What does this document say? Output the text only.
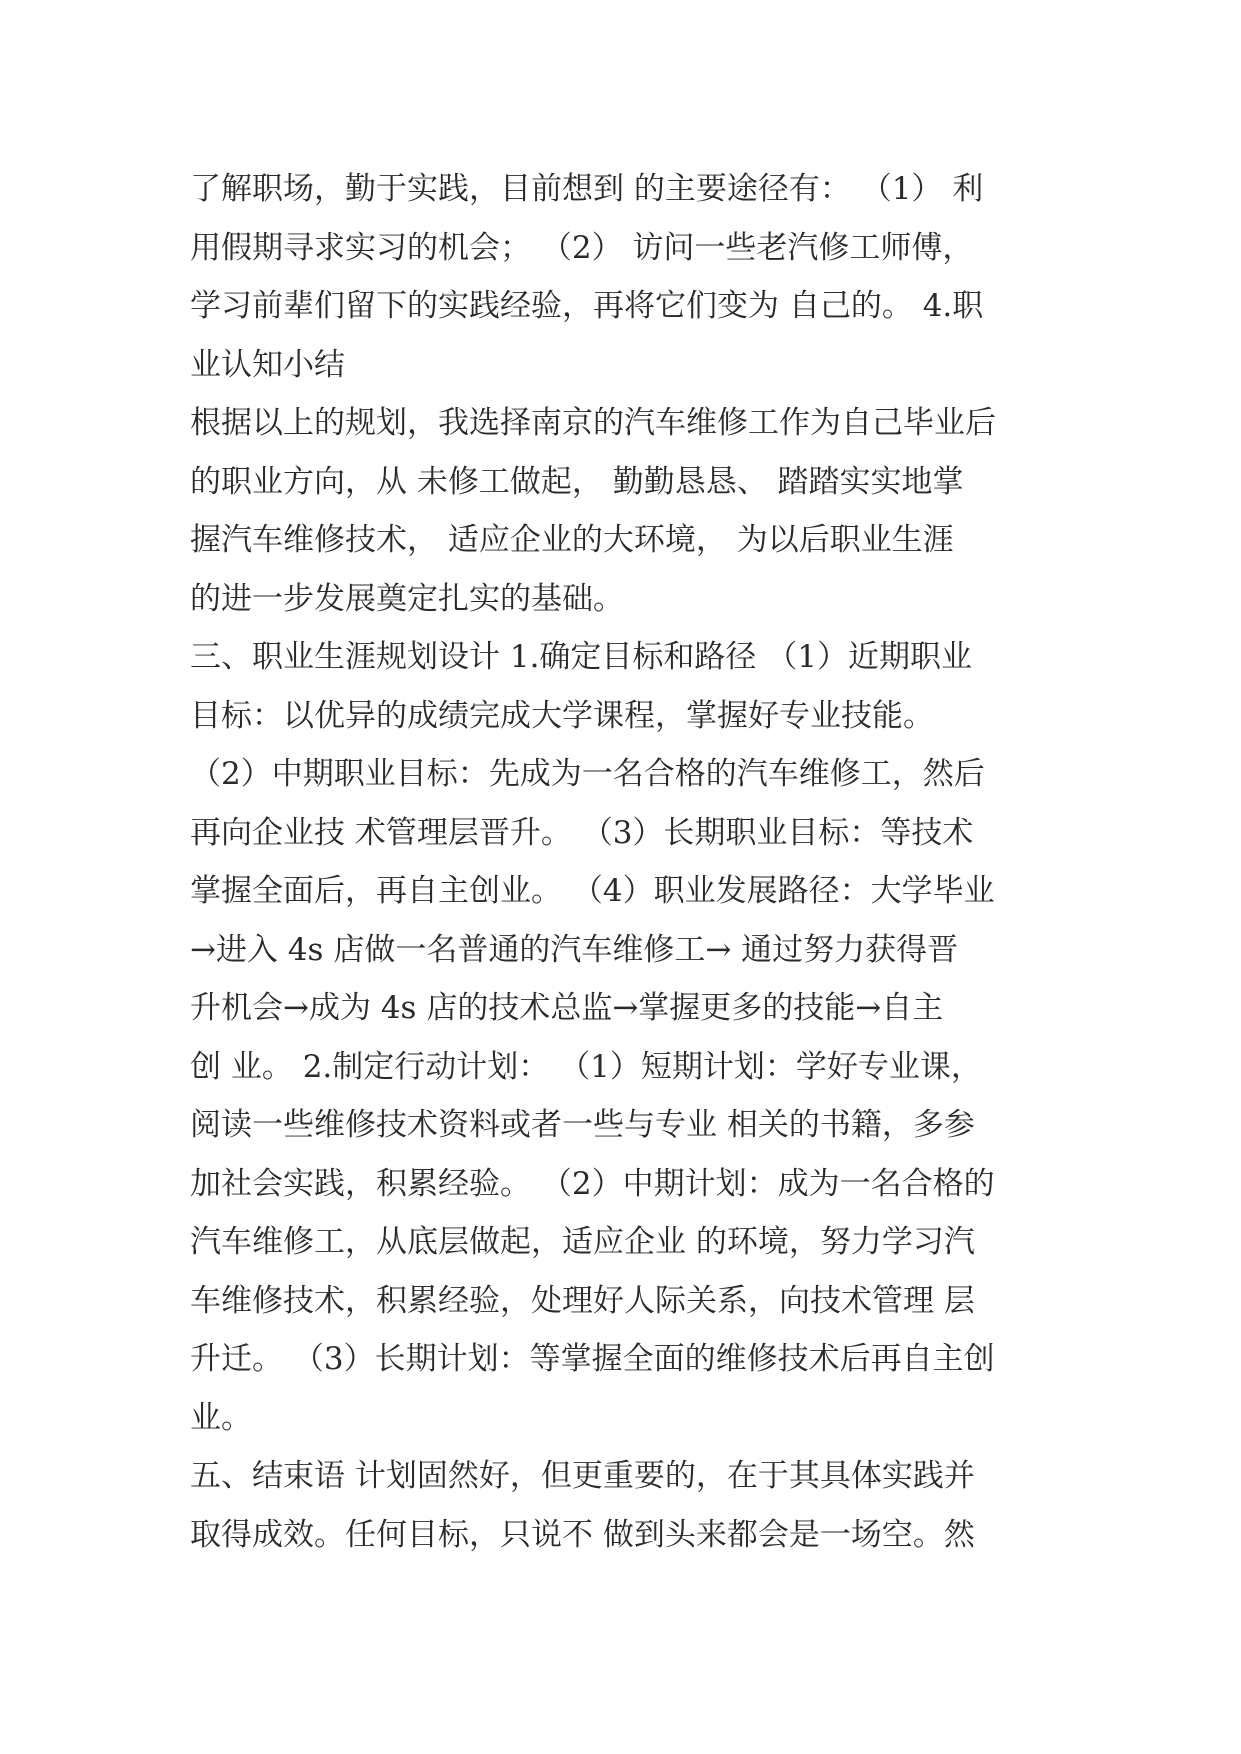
了解职场，勤于实践，目前想到 的主要途径有： （1） 利
用假期寻求实习的机会； （2） 访问一些老汽修工师傅，
学习前辈们留下的实践经验，再将它们变为 自己的。 4.职
业认知小结
根据以上的规划，我选择南京的汽车维修工作为自己毕业后
的职业方向，从 未修工做起， 勤勤恳恳、 踏踏实实地掌
握汽车维修技术， 适应企业的大环境， 为以后职业生涯
的进一步发展奠定扎实的基础。
三、职业生涯规划设计 1.确定目标和路径 （1）近期职业
目标：以优异的成绩完成大学课程，掌握好专业技能。
（2）中期职业目标：先成为一名合格的汽车维修工，然后
再向企业技 术管理层晋升。 （3）长期职业目标：等技术
掌握全面后，再自主创业。 （4）职业发展路径：大学毕业
→进入 4s 店做一名普通的汽车维修工→ 通过努力获得晋
升机会→成为 4s 店的技术总监→掌握更多的技能→自主
创 业。 2.制定行动计划： （1）短期计划：学好专业课，
阅读一些维修技术资料或者一些与专业 相关的书籍，多参
加社会实践，积累经验。 （2）中期计划：成为一名合格的
汽车维修工，从底层做起，适应企业 的环境，努力学习汽
车维修技术，积累经验，处理好人际关系，向技术管理 层
升迁。 （3）长期计划：等掌握全面的维修技术后再自主创
业。
五、结束语 计划固然好，但更重要的，在于其具体实践并
取得成效。任何目标，只说不 做到头来都会是一场空。然
